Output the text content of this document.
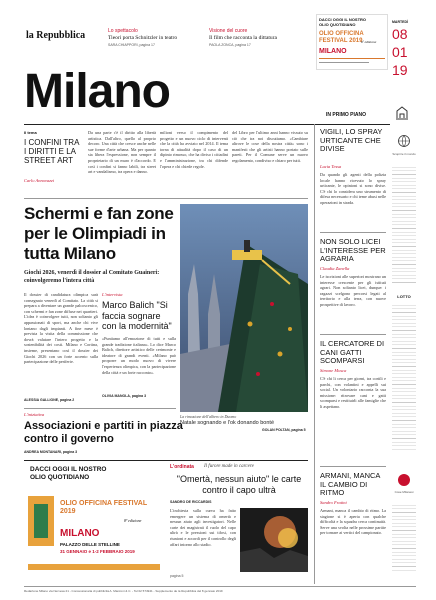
la Repubblica	Lo spettacolo
Tieori porta Schnitzler in teatro
SARA CHIAPPORI, pagina 17
Visione del cuore
Il film che racconta la dittatura
PAOLA ZONCA, pagina 17
DACCI OGGI IL NOSTRO
OLIO QUOTIDIANO
OLIO OFFICINA
FESTIVAL 2019
8ª edizione
MILANO
MARTEDÌ
08
01
19
Milano	IN PRIMO PIANO
Il tema
I CONFINI TRA I DIRITTI E LA STREET ART
Carlo Annovazzi

Da una parte c'è il diritto alla libertà artistica. Dall'altro, quello al proprio decoro. Una città che cresce anche nelle sue forme d'arte urbana. Ma per quanto sia libera l'espressione, non sempre il proprietario di un muro è d'accordo. E così i confini si fanno labili, tra street art e vandalismo, tra opera e danno.

milioni verso il compimento del progetto e un nuovo ciclo di interventi che la città ha avviato nel 2014. Il tema torna di attualità dopo il caso di un dipinto rimosso, che ha diviso i cittadini e l'amministrazione, tra chi difende l'opera e chi chiede regole.

del Libro per l'ultimo anni hanno vissuto su ciò che tra noi discutiamo. «Cambiare altrove le cose della nostra città» sono i manifesti che gli artisti hanno portato sulle pareti. Per il Comune serve un nuovo regolamento, condiviso e chiaro per tutti.

Schermi e fan zone per le Olimpiadi in tutta Milano
Giochi 2026, venerdì il dossier al Comitato Guaineri: coinvolgeremo l'intera città

Il dossier di candidatura olimpica sarà consegnato venerdì al Comitato. La città si prepara a diventare un grande palcoscenico, con schermi e fan zone diffuse nei quartieri. L'idea è coinvolgere tutti, non soltanto gli appassionati di sport, ma anche chi vive lontano dagli impianti. A fine mese è prevista la visita della commissione che dovrà valutare l'intero progetto e la sostenibilità dei costi. Milano e Cortina, insieme, presentano così il dossier dei Giochi 2026 con un forte accento sulla partecipazione delle periferie.

ALESSIA GALLIONE, pagina 2
L'intervista
Marco Balich "Si faccia sognare con la modernità"

«Puntiamo all'emozione di tutti e sulla grande tradizione italiana». Lo dice Marco Balich, direttore artistico delle cerimonie e ideatore di grandi eventi. «Milano può proporre un modo nuovo di vivere l'esperienza olimpica, con la partecipazione della città e un forte racconto».

OLIVIA MANOLA, pagina 3
La rimozione dell'albero in Duomo
Natale sognando e l'ok donando bonté
GOLAN POLTAN, pagina 5
L'iniziativa
Associazioni e partiti in piazza contro il governo
ANDREA MONTANARI, pagina 3
DACCI OGGI IL NOSTRO
OLIO QUOTIDIANO
OLIO OFFICINA FESTIVAL 2019
8ª edizione
MILANO
PALAZZO DELLE STELLINE
31 GENNAIO e 1-2 FEBBRAIO 2019
L'ordinata Il furore made in carcere
"Omertà, nessun aiuto" le carte contro il capo ultrà
SANDRO DE RICCARDIS

L'inchiesta sulla curva ha fatto emergere un sistema di omertà e nessun aiuto agli investigatori. Nelle carte dei magistrati il ruolo del capo ultrà e le pressioni sui tifosi, con riunioni e accordi per il controllo degli affari intorno allo stadio.

pagina 5
VIGILI, LO SPRAY URTICANTE CHE DIVISE
Lucia Tessa

Da quando gli agenti della polizia locale hanno ricevuto lo spray urticante, le opinioni si sono divise. C'è chi lo considera uno strumento di difesa necessario e chi teme abusi nelle operazioni in strada.

NON SOLO LICEI L'INTERESSE PER AGRARIA
Claudia Zanella

Le iscrizioni alle superiori mostrano un interesse crescente per gli istituti agrari. Non soltanto licei, dunque: i ragazzi scelgono percorsi legati al territorio e alla terra, con nuove prospettive di lavoro.

IL CERCATORE DI CANI GATTI SCOMPARSI
Simone Mosca

C'è chi li cerca per giorni, tra cortili e parchi, con volantini e appelli sui social. Un volontario racconta la sua missione: ritrovare cani e gatti scomparsi e restituirli alle famiglie che li aspettano.

ARMANI, MANCA IL CAMBIO DI RITMO
Sandro Fratini

Armani, manca il cambio di ritmo. La stagione si è aperta con qualche difficoltà e la squadra cerca continuità. Serve una svolta nelle prossime partite per tornare ai vertici del campionato.

Scoprire il mondo
LOTTO
Cose Milanesi
Redazione Milano via Nervesa 21 - Concessionaria di pubblicità A. Manzoni & C. - Tel 02 574941 - Supplemento de la Repubblica del 8 gennaio 2019
